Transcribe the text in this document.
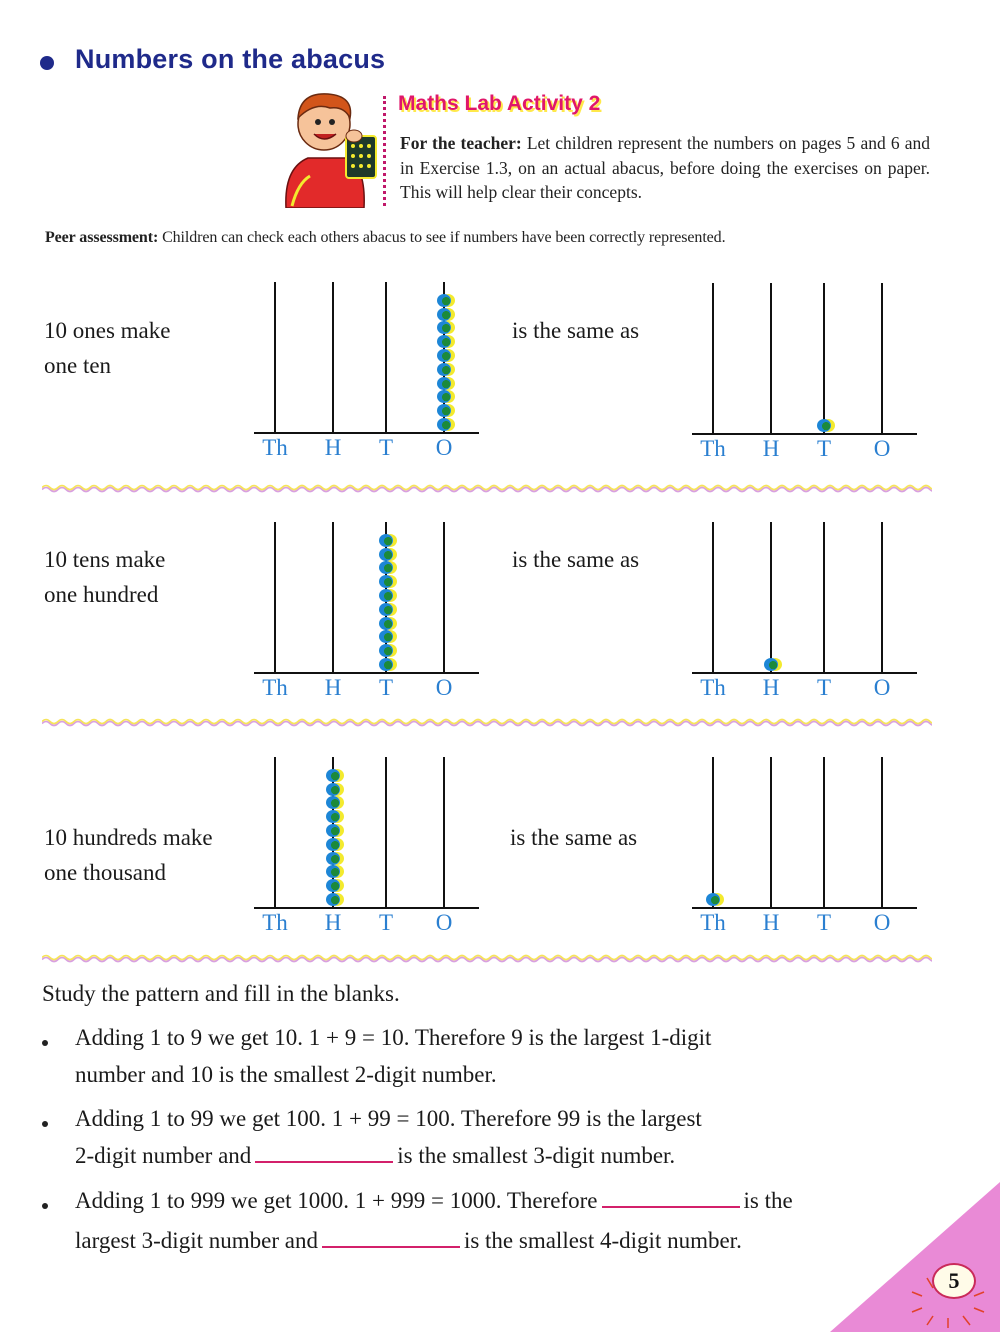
Numbers on the abacus
Maths Lab Activity 2
For the teacher: Let children represent the numbers on pages 5 and 6 and in Exercise 1.3, on an actual abacus, before doing the exercises on paper. This will help clear their concepts.
Peer assessment: Children can check each others abacus to see if numbers have been correctly represented.
10 ones make
one ten
Th H T O
is the same as
Th H T O
10 tens make
one hundred
Th H T O
is the same as
Th H T O
10 hundreds make
one thousand
Th H T O
is the same as
Th H T O
Study the pattern and fill in the blanks.
Adding 1 to 9 we get 10. 1 + 9 = 10. Therefore 9 is the largest 1-digit
number and 10 is the smallest 2-digit number.
Adding 1 to 99 we get 100. 1 + 99 = 100. Therefore 99 is the largest
2-digit number and	is the smallest 3-digit number.
Adding 1 to 999 we get 1000. 1 + 999 = 1000. Therefore	is the
largest 3-digit number and	is the smallest 4-digit number.
5
